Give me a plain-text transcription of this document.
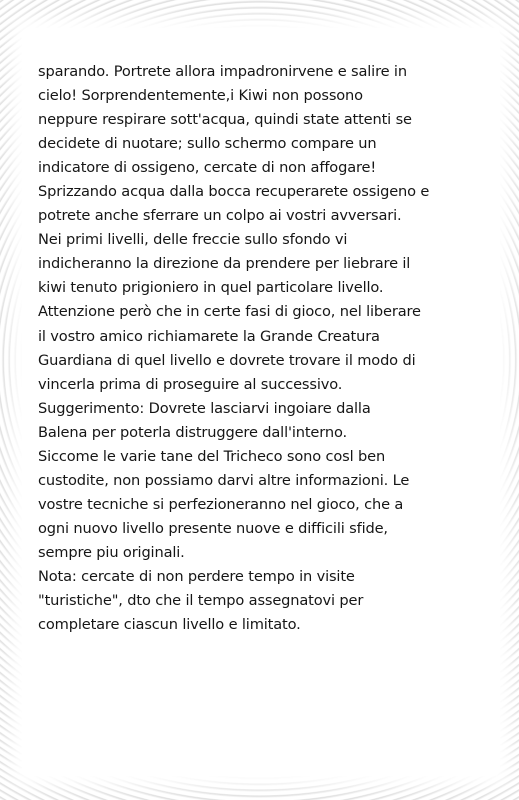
sparando. Portrete allora impadronirvene e salire in
cielo! Sorprendentemente,i Kiwi non possono
neppure respirare sott'acqua, quindi state attenti se
decidete di nuotare; sullo schermo compare un
indicatore di ossigeno, cercate di non affogare!
Sprizzando acqua dalla bocca recuperarete ossigeno e
potrete anche sferrare un colpo ai vostri avversari.
Nei primi livelli, delle freccie sullo sfondo vi
indicheranno la direzione da prendere per liebrare il
kiwi tenuto prigioniero in quel particolare livello.
Attenzione però che in certe fasi di gioco, nel liberare
il vostro amico richiamarete la Grande Creatura
Guardiana di quel livello e dovrete trovare il modo di
vincerla prima di proseguire al successivo.
Suggerimento: Dovrete lasciarvi ingoiare dalla
Balena per poterla distruggere dall'interno.
Siccome le varie tane del Tricheco sono cosl ben
custodite, non possiamo darvi altre informazioni. Le
vostre tecniche si perfezioneranno nel gioco, che a
ogni nuovo livello presente nuove e difficili sfide,
sempre piu originali.
Nota: cercate di non perdere tempo in visite
"turistiche", dto che il tempo assegnatovi per
completare ciascun livello e limitato.
